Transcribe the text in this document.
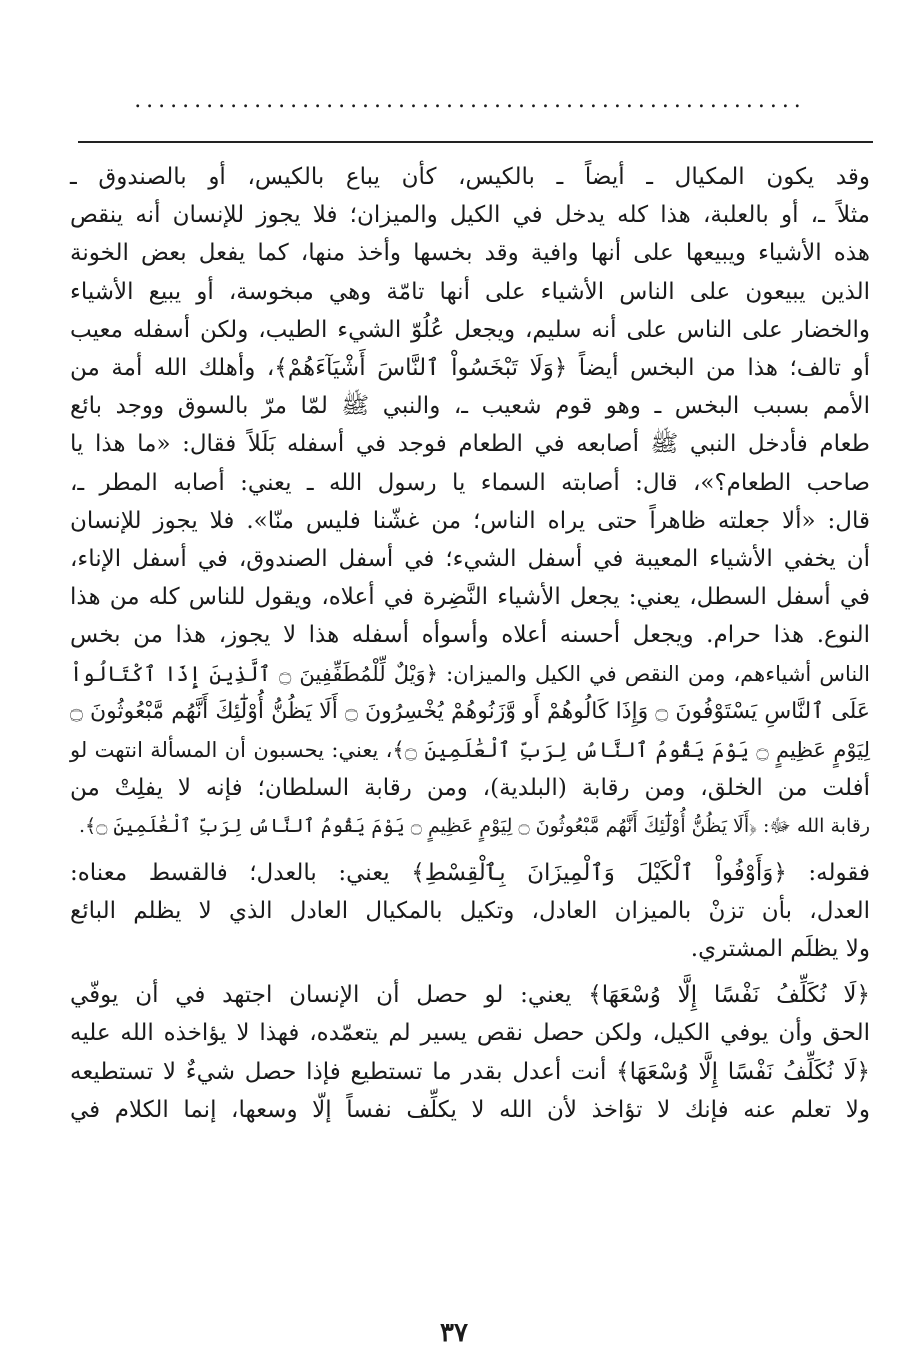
........................................................

وقد يكون المكيال ـ أيضاً ـ بالكيس، كأن يباع بالكيس، أو بالصندوق ـ
مثلاً ـ، أو بالعلبة، هذا كله يدخل في الكيل والميزان؛ فلا يجوز للإنسان أنه ينقص
هذه الأشياء ويبيعها على أنها وافية وقد بخسها وأخذ منها، كما يفعل بعض الخونة
الذين يبيعون على الناس الأشياء على أنها تامّة وهي مبخوسة، أو يبيع الأشياء
والخضار على الناس على أنه سليم، ويجعل عُلُوّ الشيء الطيب، ولكن أسفله معيب
أو تالف؛ هذا من البخس أيضاً ﴿وَلَا تَبْخَسُواْ ٱلنَّاسَ أَشْيَآءَهُمْ﴾، وأهلك الله أمة من
الأمم بسبب البخس ـ وهو قوم شعيب ـ، والنبي ﷺ لمّا مرّ بالسوق ووجد بائع
طعام فأدخل النبي ﷺ أصابعه في الطعام فوجد في أسفله بَلَلاً فقال: «ما هذا يا
صاحب الطعام؟»، قال: أصابته السماء يا رسول الله ـ يعني: أصابه المطر ـ،
قال: «ألا جعلته ظاهراً حتى يراه الناس؛ من غشّنا فليس منّا». فلا يجوز للإنسان
أن يخفي الأشياء المعيبة في أسفل الشيء؛ في أسفل الصندوق، في أسفل الإناء،
في أسفل السطل، يعني: يجعل الأشياء النَّضِرة في أعلاه، ويقول للناس كله من هذا
النوع. هذا حرام. ويجعل أحسنه أعلاه وأسوأه أسفله هذا لا يجوز، هذا من بخس
الناس أشياءهم، ومن النقص في الكيل والميزان: ﴿وَيْلٌ لِّلْمُطَفِّفِينَ ۝ ٱلَّذِينَ إِذَا ٱكْتَالُواْ
عَلَى ٱلنَّاسِ يَسْتَوْفُونَ ۝ وَإِذَا كَالُوهُمْ أَو وَّزَنُوهُمْ يُخْسِرُونَ ۝ أَلَا يَظُنُّ أُوْلَٰٓئِكَ أَنَّهُم مَّبْعُوثُونَ ۝
لِيَوْمٍ عَظِيمٍ ۝ يَوْمَ يَقُومُ ٱلنَّاسُ لِرَبِّ ٱلْعَٰلَمِينَ ۝﴾، يعني: يحسبون أن المسألة انتهت لو
أفلت من الخلق، ومن رقابة (البلدية)، ومن رقابة السلطان؛ فإنه لا يفلِتْ من
رقابة الله ﷻ: ﴿أَلَا يَظُنُّ أُوْلَٰٓئِكَ أَنَّهُم مَّبْعُوثُونَ ۝ لِيَوْمٍ عَظِيمٍ ۝ يَوْمَ يَقُومُ ٱلنَّاسُ لِرَبِّ ٱلْعَٰلَمِينَ ۝﴾.

فقوله: ﴿وَأَوْفُواْ ٱلْكَيْلَ وَٱلْمِيزَانَ بِٱلْقِسْطِ﴾ يعني: بالعدل؛ فالقسط معناه:
العدل، بأن تزنْ بالميزان العادل، وتكيل بالمكيال العادل الذي لا يظلم البائع
ولا يظلَم المشتري.

﴿لَا نُكَلِّفُ نَفْسًا إِلَّا وُسْعَهَا﴾ يعني: لو حصل أن الإنسان اجتهد في أن يوفّي
الحق وأن يوفي الكيل، ولكن حصل نقص يسير لم يتعمّده، فهذا لا يؤاخذه الله عليه
﴿لَا نُكَلِّفُ نَفْسًا إِلَّا وُسْعَهَا﴾ أنت أعدل بقدر ما تستطيع فإذا حصل شيءٌ لا تستطيعه
ولا تعلم عنه فإنك لا تؤاخذ لأن الله لا يكلِّف نفساً إلّا وسعها، إنما الكلام في

٣٧
